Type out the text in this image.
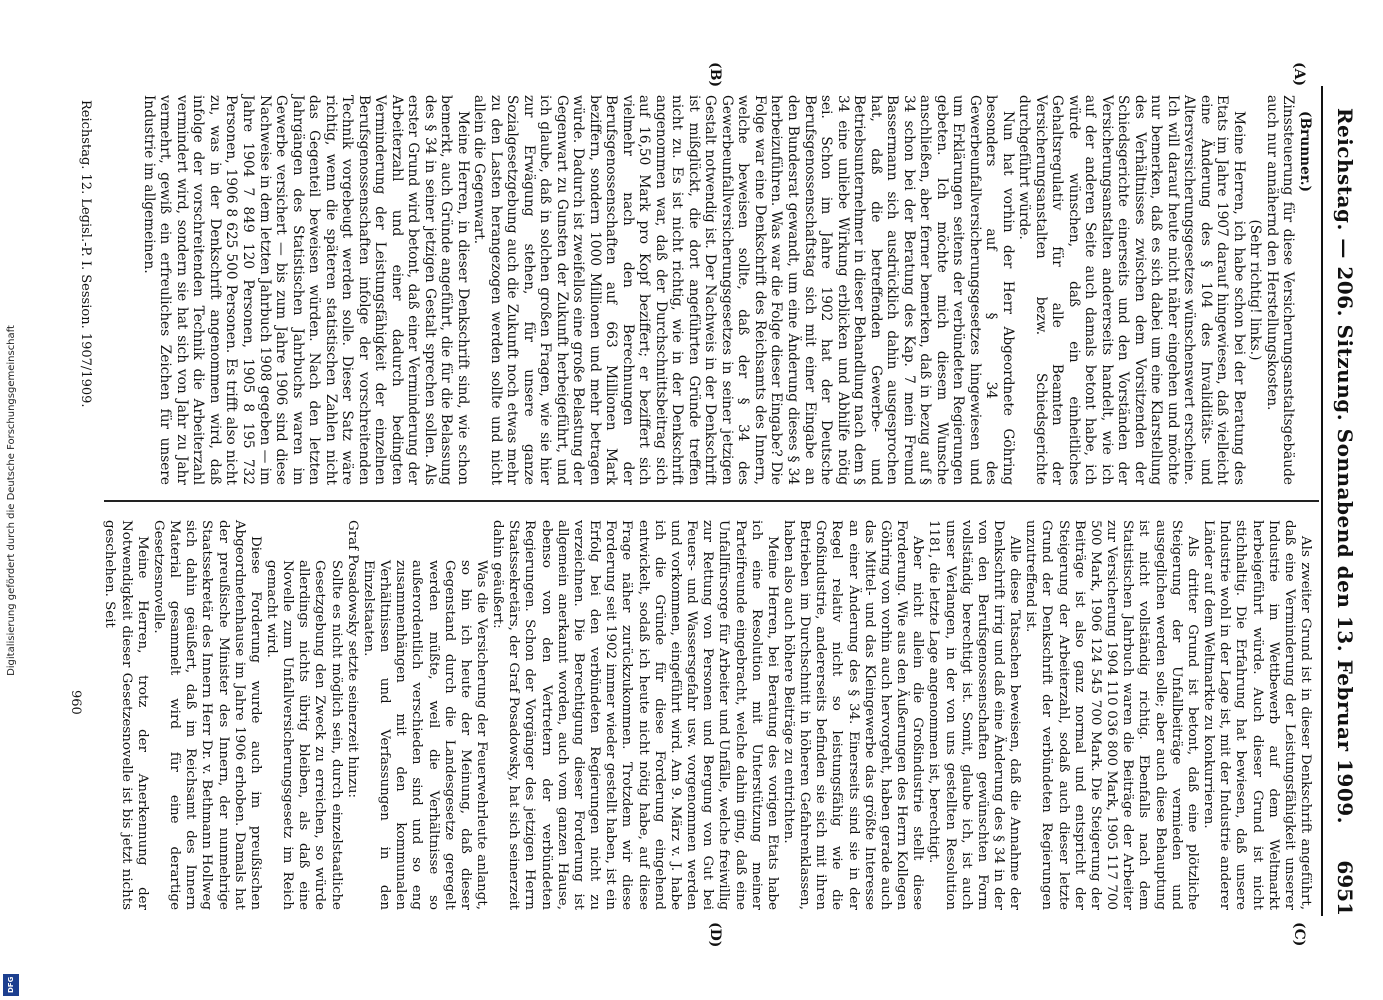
Digitalisierung gefördert durch die Deutsche Forschungsgemeinschaft
DFG
Reichstag. — 206. Sitzung. Sonnabend den 13. Februar 1909.
6951
(A)
(B)
(C)
(D)

(Brunner.)

Zinssteuerung für diese Versicherungsanstaltsgebäude auch nur annähernd den Herstellungskosten.

(Sehr richtig! links.)

Meine Herren, ich habe schon bei der Beratung des Etats im Jahre 1907 darauf hingewiesen, daß vielleicht eine Änderung des § 104 des Invaliditäts- und Altersversicherungsgesetzes wünschenswert erscheine. Ich will darauf heute nicht näher eingehen und möchte nur bemerken, daß es sich dabei um eine Klarstellung des Verhältnisses zwischen dem Vorsitzenden der Schiedsgerichte einerseits und den Vorständen der Versicherungsanstalten andererseits handelt, wie ich auf der anderen Seite auch damals betont habe, ich würde wünschen, daß ein einheitliches Gehaltsregulativ für alle Beamten der Versicherungsanstalten bezw. Schiedsgerichte durchgeführt würde.

Nun hat vorhin der Herr Abgeordnete Göhring besonders auf § 34 des Gewerbeunfallversicherungsgesetzes hingewiesen und um Erklärungen seitens der verbündeten Regierungen gebeten. Ich möchte mich diesem Wunsche anschließen, aber ferner bemerken, daß in bezug auf § 34 schon bei der Beratung des Kap. 7 mein Freund Bassermann sich ausdrücklich dahin ausgesprochen hat, daß die betreffenden Gewerbe- und Betriebsunternehmer in dieser Behandlung nach dem § 34 eine unliebe Wirkung erblicken und Abhilfe nötig sei. Schon im Jahre 1902 hat der Deutsche Berufsgenossenschaftstag sich mit einer Eingabe an den Bundesrat gewandt, um eine Änderung dieses § 34 herbeizuführen. Was war die Folge dieser Eingabe? Die Folge war eine Denkschrift des Reichsamts des Innern, welche beweisen sollte, daß der § 34 des Gewerbeunfallversicherungsgesetzes in seiner jetzigen Gestalt notwendig ist. Der Nachweis in der Denkschrift ist mißglückt, die dort angeführten Gründe treffen nicht zu. Es ist nicht richtig, wie in der Denkschrift angenommen war, daß der Durchschnittsbeitrag sich auf 16,50 Mark pro Kopf beziffert; er beziffert sich vielmehr nach den Berechnungen der Berufsgenossenschaften auf 663 Millionen Mark beziffern, sondern 1000 Millionen und mehr betragen würde. Dadurch ist zweifellos eine große Belastung der Gegenwart zu Gunsten der Zukunft herbeigeführt, und ich glaube, daß in solchen großen Fragen, wie sie hier zur Erwägung stehen, für unsere ganze Sozialgesetzgebung auch die Zukunft noch etwas mehr zu den Lasten herangezogen werden sollte und nicht allein die Gegenwart.

Meine Herren, in dieser Denkschrift sind, wie schon bemerkt, auch Gründe angeführt, die für die Belassung des § 34 in seiner jetzigen Gestalt sprechen sollen. Als erster Grund wird betont, daß einer Verminderung der Arbeiterzahl und einer dadurch bedingten Verminderung der Leistungsfähigkeit der einzelnen Berufsgenossenschaften infolge der vorschreitenden Technik vorgebeugt werden solle. Dieser Satz wäre richtig, wenn die späteren statistischen Zahlen nicht das Gegenteil beweisen würden. Nach den letzten Jahrgängen des Statistischen Jahrbuchs waren im Gewerbe versichert — bis zum Jahre 1906 sind diese Nachweise in dem letzten Jahrbuch 1908 gegeben — im Jahre 1904 7 849 120 Personen, 1905 8 195 732 Personen, 1906 8 625 500 Personen. Es trifft also nicht zu, was in der Denkschrift angenommen wird, daß infolge der vorschreitenden Technik die Arbeiterzahl vermindert wird, sondern sie hat sich von Jahr zu Jahr vermehrt, gewiß ein erfreuliches Zeichen für unsere Industrie im allgemeinen.

Als zweiter Grund ist in dieser Denkschrift angeführt, daß eine Verminderung der Leistungsfähigkeit unserer Industrie im Wettbewerb auf dem Weltmarkt herbeigeführt würde. Auch dieser Grund ist nicht stichhaltig. Die Erfahrung hat bewiesen, daß unsere Industrie wohl in der Lage ist, mit der Industrie anderer Länder auf dem Weltmarkte zu konkurrieren.

Als dritter Grund ist betont, daß eine plötzliche Steigerung der Unfallbeiträge vermieden und ausgeglichen werden solle; aber auch diese Behauptung ist nicht vollständig richtig. Ebenfalls nach dem Statistischen Jahrbuch waren die Beiträge der Arbeiter zur Versicherung 1904 110 036 800 Mark, 1905 117 700 500 Mark, 1906 124 545 700 Mark. Die Steigerung der Beiträge ist also ganz normal und entspricht der Steigerung der Arbeiterzahl, sodaß auch dieser letzte Grund der Denkschrift der verbündeten Regierungen unzutreffend ist.

Alle diese Tatsachen beweisen, daß die Annahme der Denkschrift irrig und daß eine Änderung des § 34 in der von den Berufsgenossenschaften gewünschten Form vollständig berechtigt ist. Somit, glaube ich, ist auch unser Verlangen, in der von uns gestellten Resolution 1181, die letzte Lage angenommen ist, berechtigt.

Aber nicht allein die Großindustrie stellt diese Forderung. Wie aus den Äußerungen des Herrn Kollegen Göhring von vorhin auch hervorgeht, haben gerade auch das Mittel- und das Kleingewerbe das größte Interesse an einer Änderung des § 34. Einerseits sind sie in der Regel relativ nicht so leistungsfähig wie die Großindustrie, andererseits befinden sie sich mit ihren Betrieben im Durchschnitt in höheren Gefahrenklassen, haben also auch höhere Beiträge zu entrichten.

Meine Herren, bei Beratung des vorigen Etats habe ich eine Resolution mit Unterstützung meiner Parteifreunde eingebracht, welche dahin ging, daß eine Unfallfürsorge für Arbeiter und Unfälle, welche freiwillig zur Rettung von Personen und Bergung von Gut bei Feuers- und Wassersgefahr usw. vorgenommen werden und vorkommen, eingeführt wird. Am 9. März v. J. habe ich die Gründe für diese Forderung eingehend entwickelt, sodaß ich heute nicht nötig habe, auf diese Frage näher zurückzukommen. Trotzdem wir diese Forderung seit 1902 immer wieder gestellt haben, ist ein Erfolg bei den verbündeten Regierungen nicht zu verzeichnen. Die Berechtigung dieser Forderung ist allgemein anerkannt worden, auch vom ganzen Hause, ebenso von den Vertretern der verbündeten Regierungen. Schon der Vorgänger des jetzigen Herrn Staatssekretärs, der Graf Posadowsky, hat sich seinerzeit dahin geäußert:

Was die Versicherung der Feuerwehrleute anlangt, so bin ich heute der Meinung, daß dieser Gegenstand durch die Landesgesetze geregelt werden müßte, weil die Verhältnisse so außerordentlich verschieden sind und so eng zusammenhängen mit den kommunalen Verhältnissen und Verfassungen in den Einzelstaaten.

Graf Posadowsky setzte seinerzeit hinzu:

Sollte es nicht möglich sein, durch einzelstaatliche Gesetzgebung den Zweck zu erreichen, so würde allerdings nichts übrig bleiben, als daß eine Novelle zum Unfallversicherungsgesetz im Reich gemacht wird.

Diese Forderung wurde auch im preußischen Abgeordnetenhause im Jahre 1906 erhoben. Damals hat der preußische Minister des Innern, der nunmehrige Staatssekretär des Innern Herr Dr. v. Bethmann Hollweg sich dahin geäußert, daß im Reichsamt des Innern Material gesammelt wird für eine derartige Gesetzesnovelle.

Meine Herren, trotz der Anerkennung der Notwendigkeit dieser Gesetzesnovelle ist bis jetzt nichts geschehen. Seit

Reichstag. 12. Legisl.-P. I. Session. 1907/1909.
960
